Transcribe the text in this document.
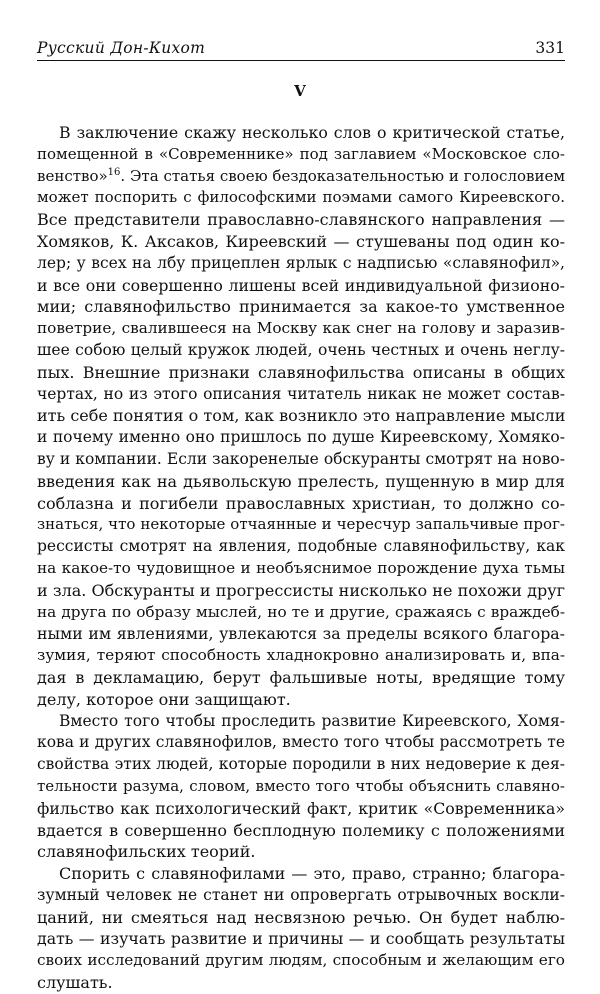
Русский Дон-Кихот	331
V
В заключение скажу несколько слов о критической статье,
помещенной в «Современнике» под заглавием «Московское сло-
венство»$^{16}$. Эта статья своею бездоказательностью и голословием
может поспорить с философскими поэмами самого Киреевского.
Все представители православно-славянского направления —
Хомяков, К. Аксаков, Киреевский — стушеваны под один ко-
лер; у всех на лбу прицеплен ярлык с надписью «славянофил»,
и все они совершенно лишены всей индивидуальной физионо-
мии; славянофильство принимается за какое-то умственное
поветрие, свалившееся на Москву как снег на голову и заразив-
шее собою целый кружок людей, очень честных и очень неглу-
пых. Внешние признаки славянофильства описаны в общих
чертах, но из этого описания читатель никак не может состав-
ить себе понятия о том, как возникло это направление мысли
и почему именно оно пришлось по душе Киреевскому, Хомяко-
ву и компании. Если закоренелые обскуранты смотрят на ново-
введения как на дьявольскую прелесть, пущенную в мир для
соблазна и погибели православных христиан, то должно со-
знаться, что некоторые отчаянные и чересчур запальчивые прог-
рессисты смотрят на явления, подобные славянофильству, как
на какое-то чудовищное и необъяснимое порождение духа тьмы
и зла. Обскуранты и прогрессисты нисколько не похожи друг
на друга по образу мыслей, но те и другие, сражаясь с враждеб-
ными им явлениями, увлекаются за пределы всякого благора-
зумия, теряют способность хладнокровно анализировать и, впа-
дая в декламацию, берут фальшивые ноты, вредящие тому
делу, которое они защищают.
Вместо того чтобы проследить развитие Киреевского, Хомя-
кова и других славянофилов, вместо того чтобы рассмотреть те
свойства этих людей, которые породили в них недоверие к дея-
тельности разума, словом, вместо того чтобы объяснить славяно-
фильство как психологический факт, критик «Современника»
вдается в совершенно бесплодную полемику с положениями
славянофильских теорий.
Спорить с славянофилами — это, право, странно; благора-
зумный человек не станет ни опровергать отрывочных воскли-
цаний, ни смеяться над несвязною речью. Он будет наблю-
дать — изучать развитие и причины — и сообщать результаты
своих исследований другим людям, способным и желающим его
слушать.
